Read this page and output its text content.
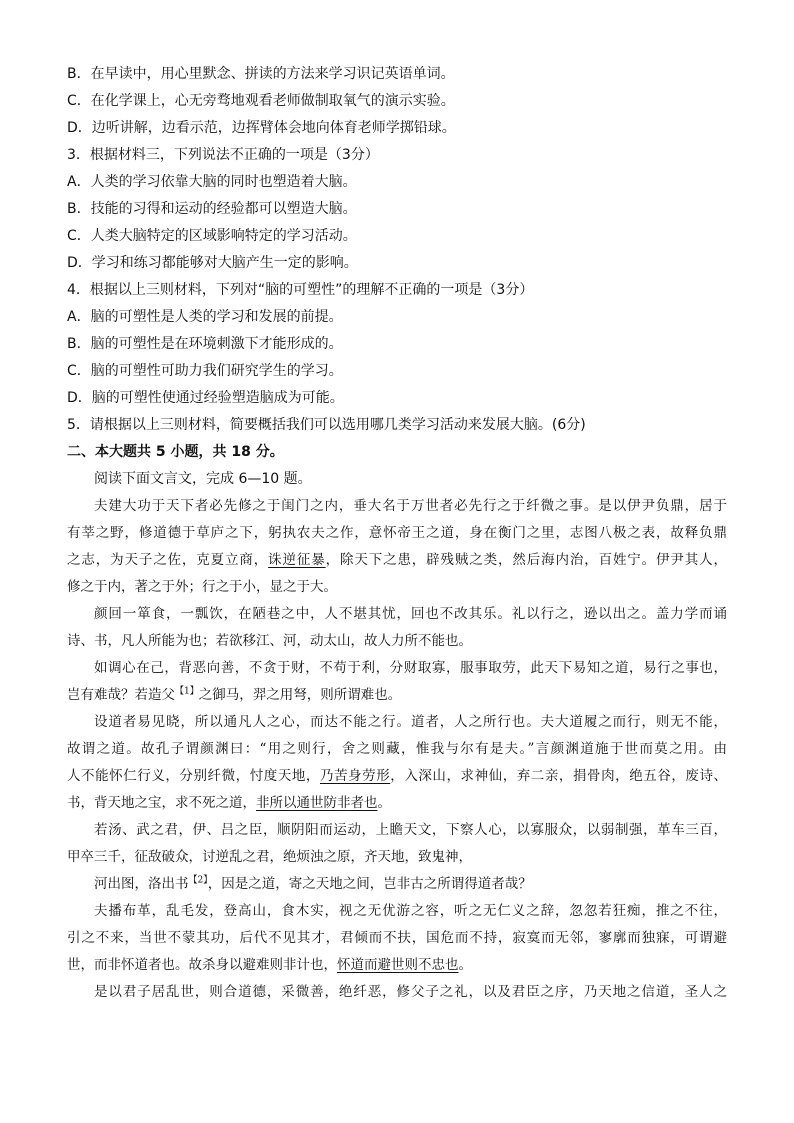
B．在早读中，用心里默念、拼读的方法来学习识记英语单词。
C．在化学课上，心无旁骛地观看老师做制取氧气的演示实验。
D．边听讲解，边看示范，边挥臂体会地向体育老师学掷铅球。
3．根据材料三，下列说法不正确的一项是（3分）
A．人类的学习依靠大脑的同时也塑造着大脑。
B．技能的习得和运动的经验都可以塑造大脑。
C．人类大脑特定的区域影响特定的学习活动。
D．学习和练习都能够对大脑产生一定的影响。
4．根据以上三则材料，下列对“脑的可塑性”的理解不正确的一项是（3分）
A．脑的可塑性是人类的学习和发展的前提。
B．脑的可塑性是在环境刺激下才能形成的。
C．脑的可塑性可助力我们研究学生的学习。
D．脑的可塑性使通过经验塑造脑成为可能。
5．请根据以上三则材料，简要概括我们可以选用哪几类学习活动来发展大脑。(6分)
二、本大题共 5 小题，共 18 分。
阅读下面文言文，完成 6—10 题。
夫建大功于天下者必先修之于闺门之内，垂大名于万世者必先行之于纤微之事。是以伊尹负鼎，居于
有莘之野，修道德于草庐之下，躬执农夫之作，意怀帝王之道，身在衡门之里，志图八极之表，故释负鼎
之志，为天子之佐，克夏立商，诛逆征暴，除天下之患，辟残贼之类，然后海内治，百姓宁。伊尹其人，
修之于内，著之于外；行之于小，显之于大。
颜回一箪食，一瓢饮，在陋巷之中，人不堪其忧，回也不改其乐。礼以行之，逊以出之。盖力学而诵
诗、书，凡人所能为也；若欲移江、河，动太山，故人力所不能也。
如调心在己，背恶向善，不贪于财，不苟于利，分财取寡，服事取劳，此天下易知之道，易行之事也，
岂有难哉？若造父$^{【1】}$之御马，羿之用弩，则所谓难也。
设道者易见晓，所以通凡人之心，而达不能之行。道者，人之所行也。夫大道履之而行，则无不能，
故谓之道。故孔子谓颜渊曰：“用之则行，舍之则藏，惟我与尔有是夫。”言颜渊道施于世而莫之用。由
人不能怀仁行义，分别纤微，忖度天地，乃苦身劳形，入深山，求神仙，弃二亲，捐骨肉，绝五谷，废诗、
书，背天地之宝，求不死之道，非所以通世防非者也。
若汤、武之君，伊、吕之臣，顺阴阳而运动，上瞻天文，下察人心，以寡服众，以弱制强，革车三百，
甲卒三千，征敌破众，讨逆乱之君，绝烦浊之原，齐天地，致鬼神，
河出图，洛出书$^{【2】}$，因是之道，寄之天地之间，岂非古之所谓得道者哉？
夫播布革，乱毛发，登高山，食木实，视之无优游之容，听之无仁义之辞，忽忽若狂痴，推之不往，
引之不来，当世不蒙其功，后代不见其才，君倾而不扶，国危而不持，寂寞而无邻，寥廓而独寐，可谓避
世，而非怀道者也。故杀身以避难则非计也，怀道而避世则不忠也。
是以君子居乱世，则合道德，采微善，绝纤恶，修父子之礼，以及君臣之序，乃天地之信道，圣人之
